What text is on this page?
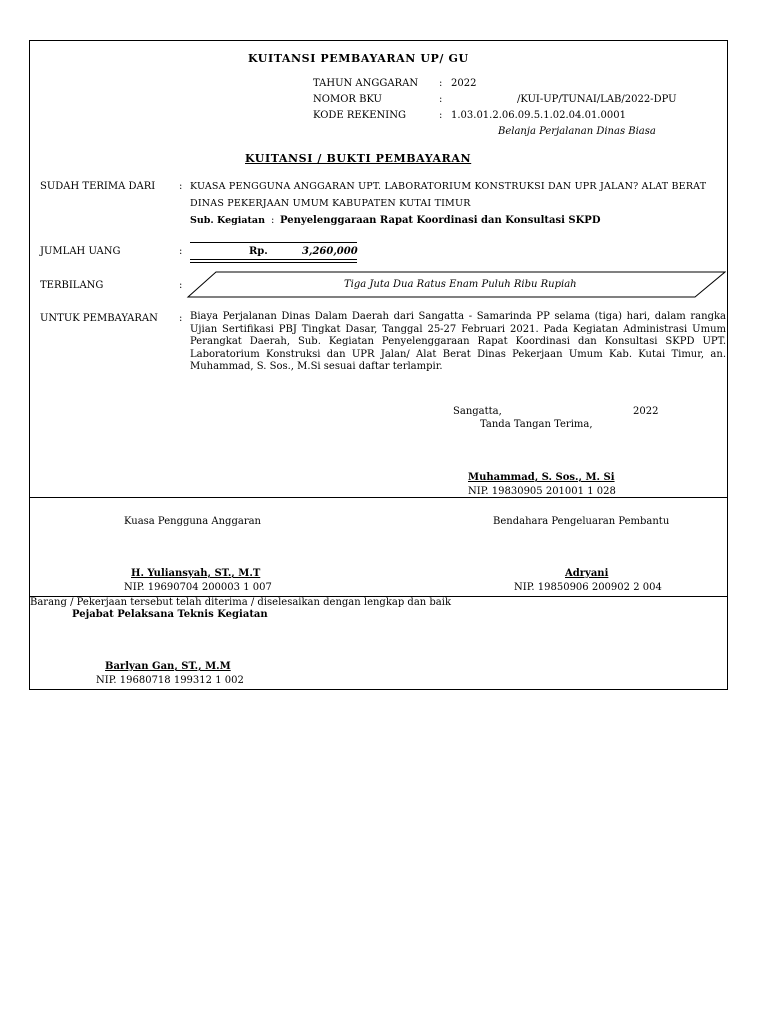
KUITANSI PEMBAYARAN UP/ GU
TAHUN ANGGARAN : 2022
NOMOR BKU	:	/KUI-UP/TUNAI/LAB/2022-DPU
KODE REKENING	: 1.03.01.2.06.09.5.1.02.04.01.0001
Belanja Perjalanan Dinas Biasa
KUITANSI / BUKTI PEMBAYARAN
SUDAH TERIMA DARI : KUASA PENGGUNA ANGGARAN UPT. LABORATORIUM KONSTRUKSI DAN UPR JALAN? ALAT BERAT
DINAS PEKERJAAN UMUM KABUPATEN KUTAI TIMUR
Sub. Kegiatan : Penyelenggaraan Rapat Koordinasi dan Konsultasi SKPD
JUMLAH UANG	:	Rp.	3,260,000
TERBILANG	:	Tiga Juta Dua Ratus Enam Puluh Ribu Rupiah
UNTUK PEMBAYARAN : Biaya Perjalanan Dinas Dalam Daerah dari Sangatta - Samarinda PP selama (tiga) hari, dalam rangka Ujian Sertifikasi PBJ Tingkat Dasar, Tanggal 25-27 Februari 2021. Pada Kegiatan Administrasi Umum Perangkat Daerah, Sub. Kegiatan Penyelenggaraan Rapat Koordinasi dan Konsultasi SKPD UPT. Laboratorium Konstruksi dan UPR Jalan/ Alat Berat Dinas Pekerjaan Umum Kab. Kutai Timur, an. Muhammad, S. Sos., M.Si sesuai daftar terlampir.
Sangatta,	2022
Tanda Tangan Terima,
Muhammad, S. Sos., M. Si
NIP. 19830905 201001 1 028
Kuasa Pengguna Anggaran
H. Yuliansyah, ST., M.T
NIP. 19690704 200003 1 007
Bendahara Pengeluaran Pembantu
Adryani
NIP. 19850906 200902 2 004
Barang / Pekerjaan tersebut telah diterima / diselesaikan dengan lengkap dan baik
Pejabat Pelaksana Teknis Kegiatan
Barlyan Gan, ST., M.M
NIP. 19680718 199312 1 002
